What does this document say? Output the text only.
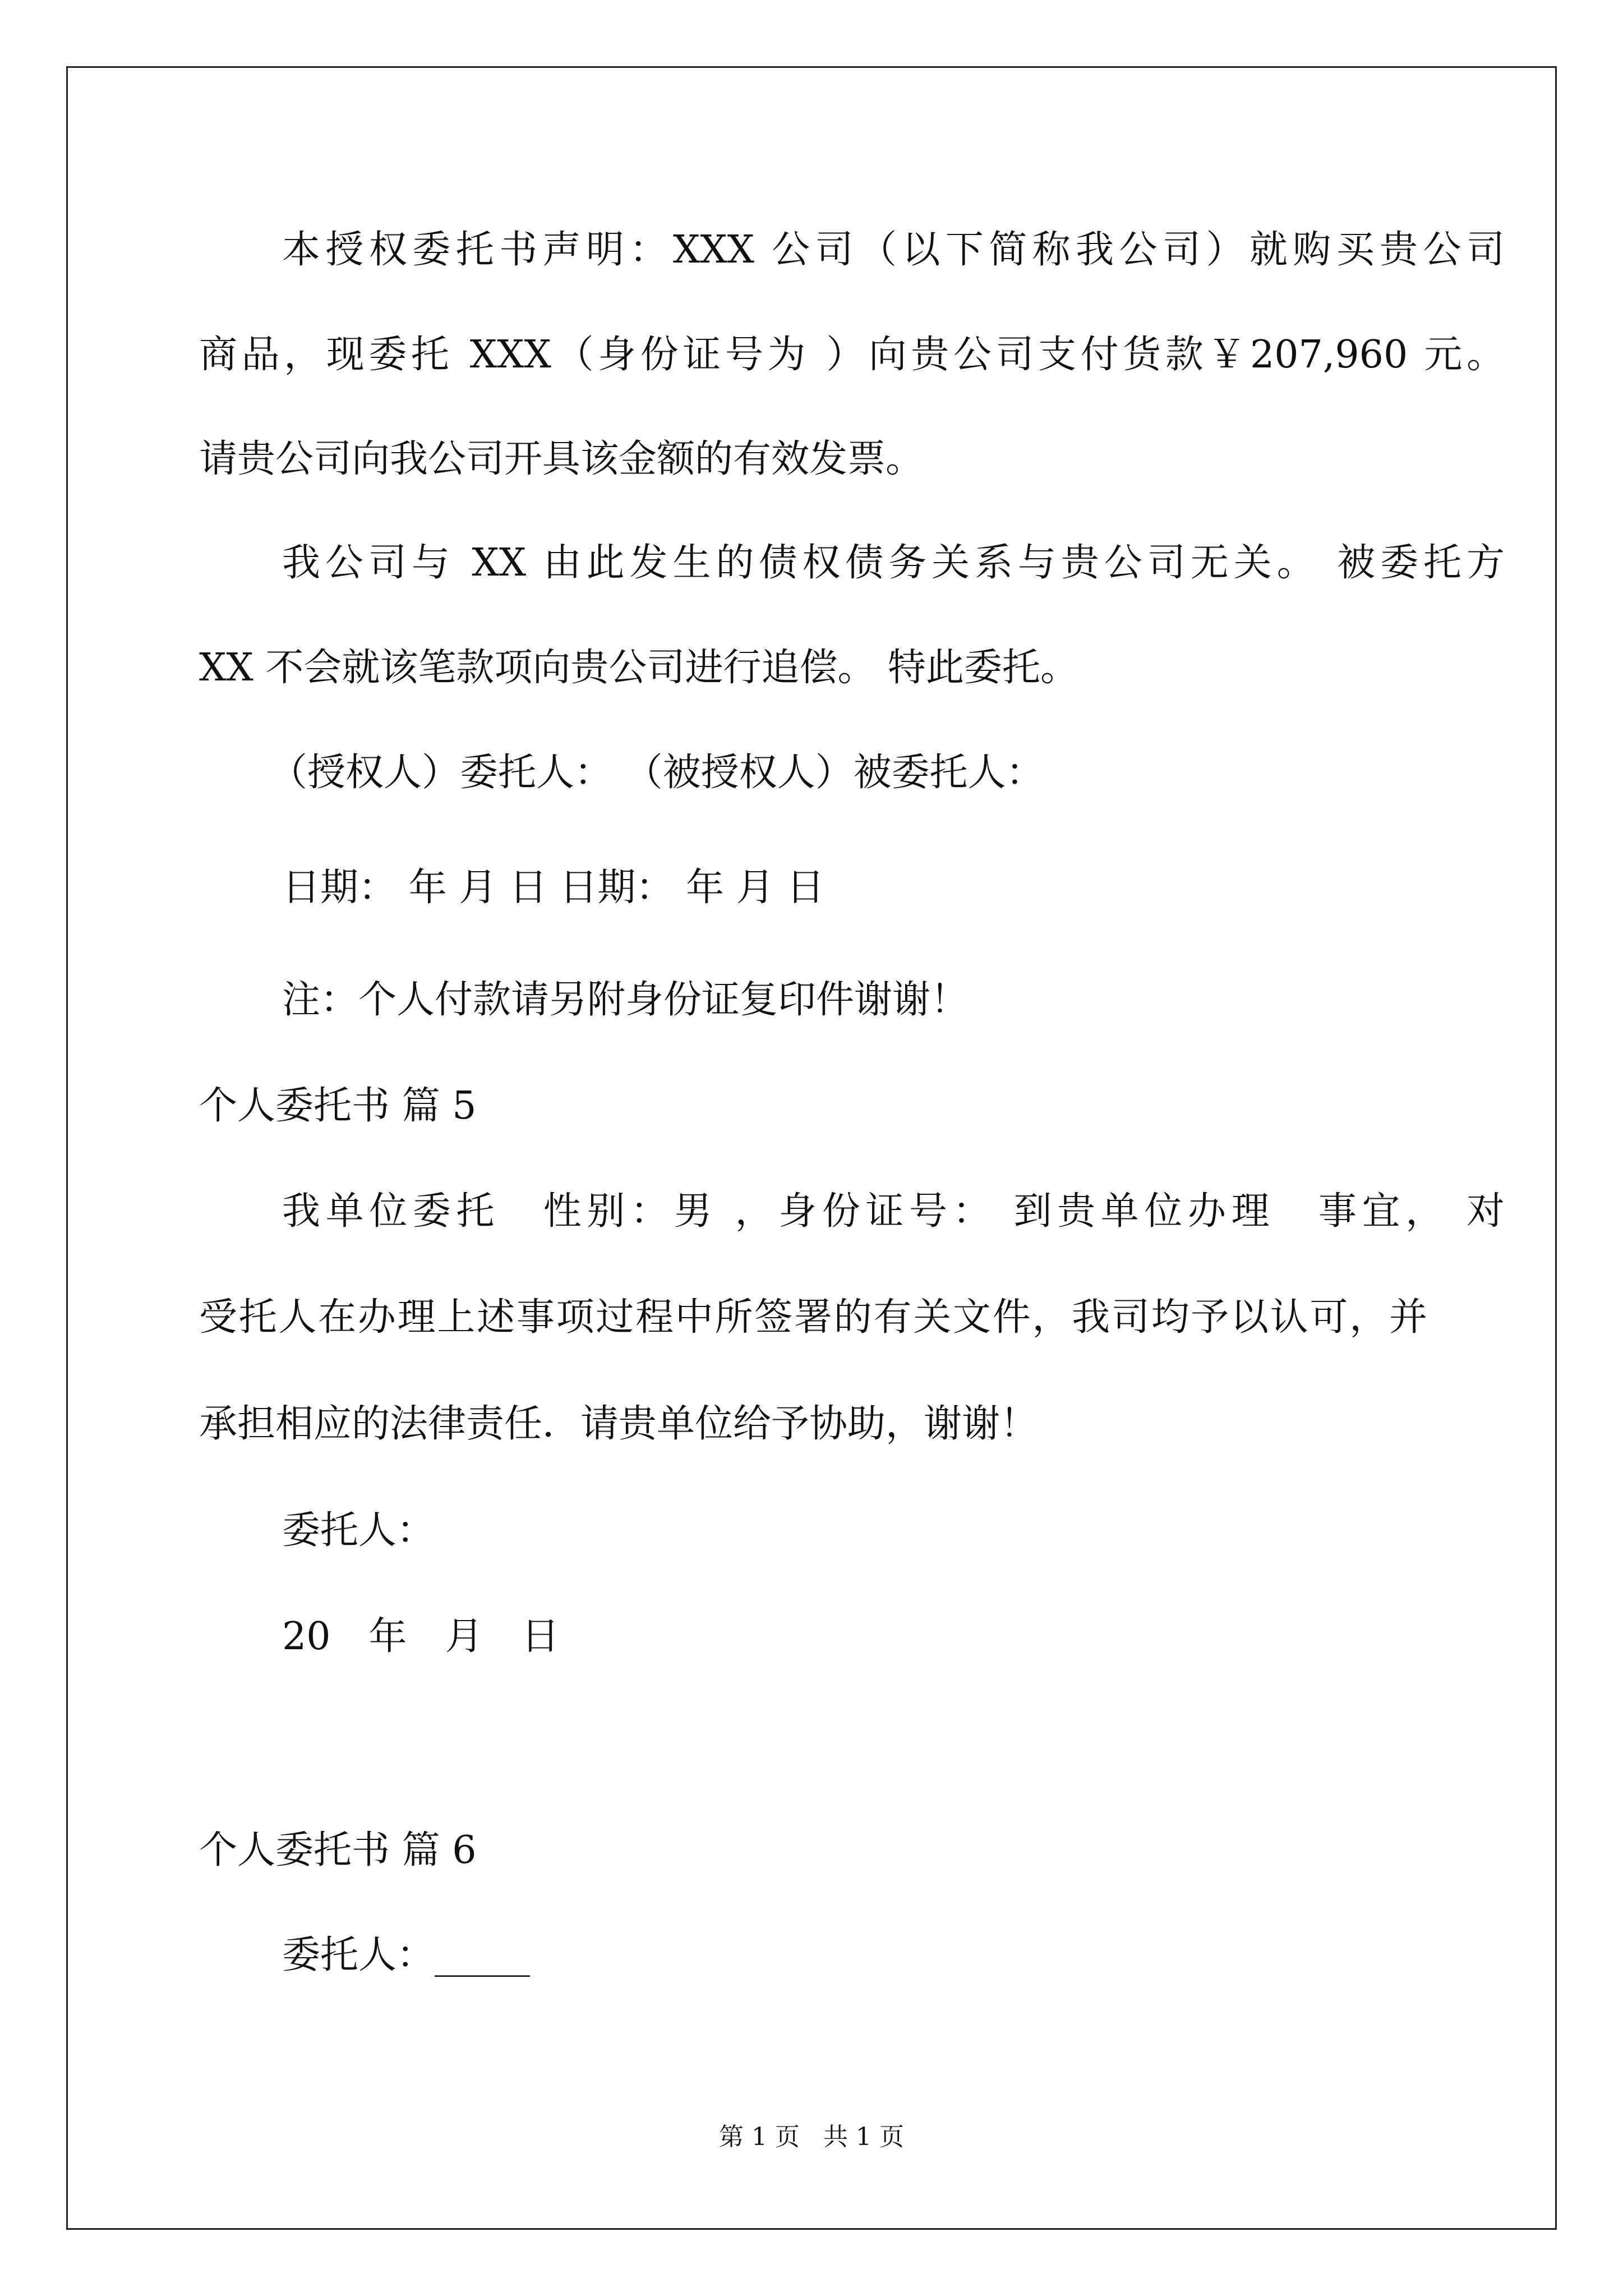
本授权委托书声明：XXX 公司（以下简称我公司）就购买贵公司
商品，现委托 XXX（身份证号为 ）向贵公司支付货款￥207,960 元。
请贵公司向我公司开具该金额的有效发票。
我公司与 XX 由此发生的债权债务关系与贵公司无关。 被委托方
XX 不会就该笔款项向贵公司进行追偿。 特此委托。
（授权人）委托人： （被授权人）被委托人：
日期： 年 月 日 日期： 年 月 日
注：个人付款请另附身份证复印件谢谢！
个人委托书 篇 5
我单位委托　性别：男 ，身份证号： 到贵单位办理　事宜， 对
受托人在办理上述事项过程中所签署的有关文件，我司均予以认可，并
承担相应的法律责任．请贵单位给予协助，谢谢！
委托人：
20　年　月　日
个人委托书 篇 6
委托人：_____
第 1 页 共 1 页
